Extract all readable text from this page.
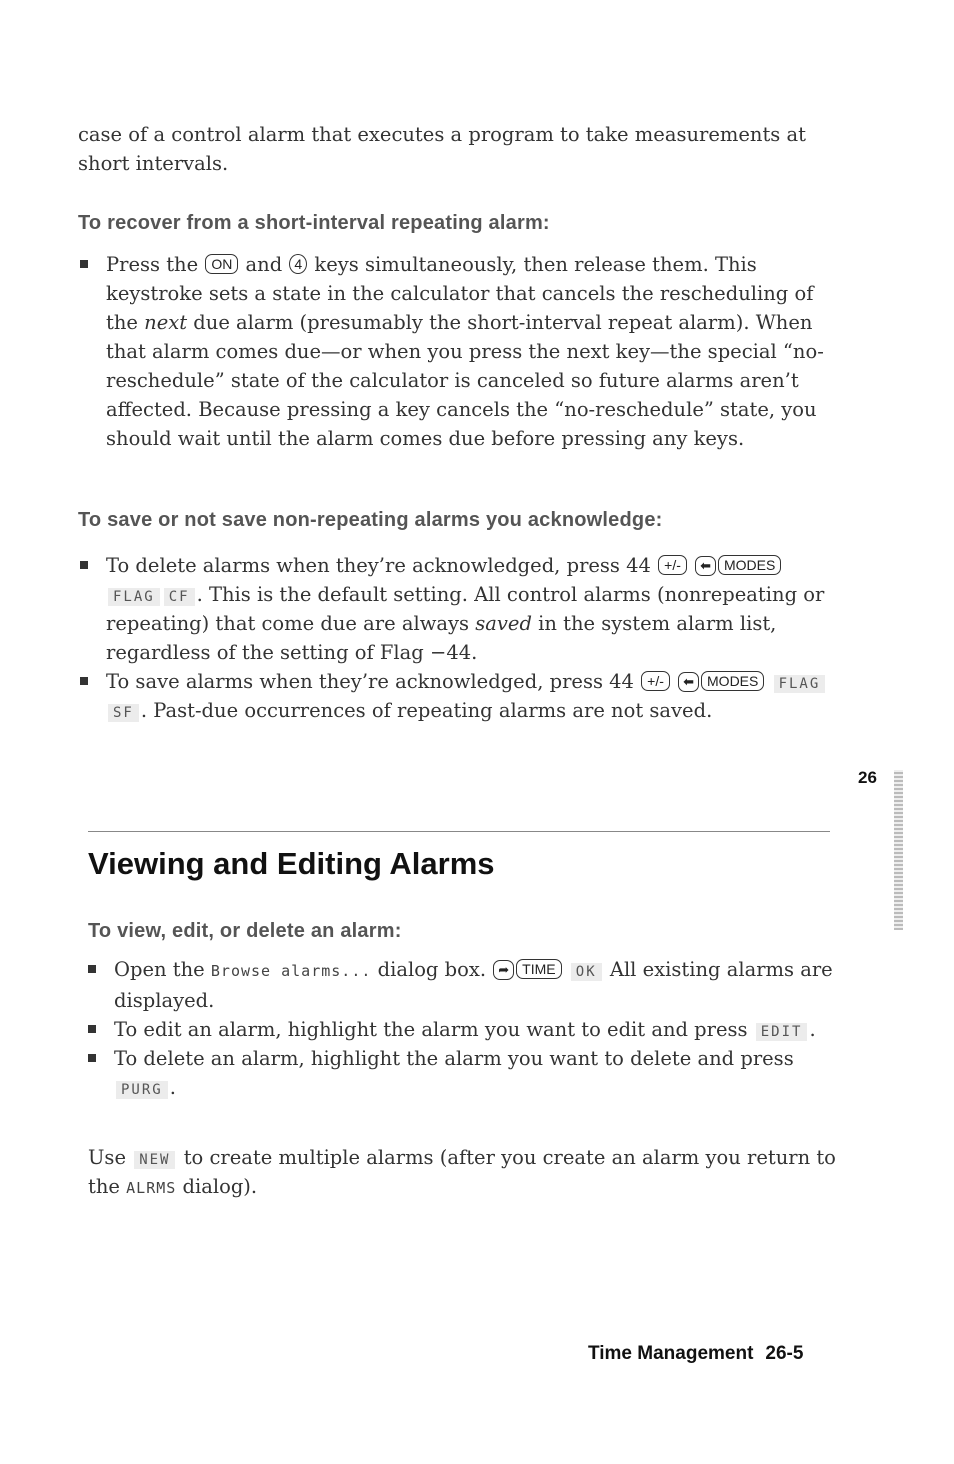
case of a control alarm that executes a program to take measurements at short intervals.

To recover from a short-interval repeating alarm:
Press the ON and 4 keys simultaneously, then release them. This keystroke sets a state in the calculator that cancels the rescheduling of the next due alarm (presumably the short-interval repeat alarm). When that alarm comes due—or when you press the next key—the special “no-reschedule” state of the calculator is canceled so future alarms aren’t affected. Because pressing a key cancels the “no-reschedule” state, you should wait until the alarm comes due before pressing any keys.
To save or not save non-repeating alarms you acknowledge:
To delete alarms when they’re acknowledged, press 44 +/- ⬅ MODES FLAG CF . This is the default setting. All control alarms (nonrepeating or repeating) that come due are always saved in the system alarm list, regardless of the setting of Flag −44.
To save alarms when they’re acknowledged, press 44 +/- ⬅ MODES FLAGSF . Past-due occurrences of repeating alarms are not saved.
26
Viewing and Editing Alarms
To view, edit, or delete an alarm:
Open the Browse alarms... dialog box. ➦ TIME OK All existing alarms are displayed.
To edit an alarm, highlight the alarm you want to edit and press EDIT .
To delete an alarm, highlight the alarm you want to delete and press PURG .

Use NEW to create multiple alarms (after you create an alarm you return to the ALRMS dialog).

Time Management 26-5
